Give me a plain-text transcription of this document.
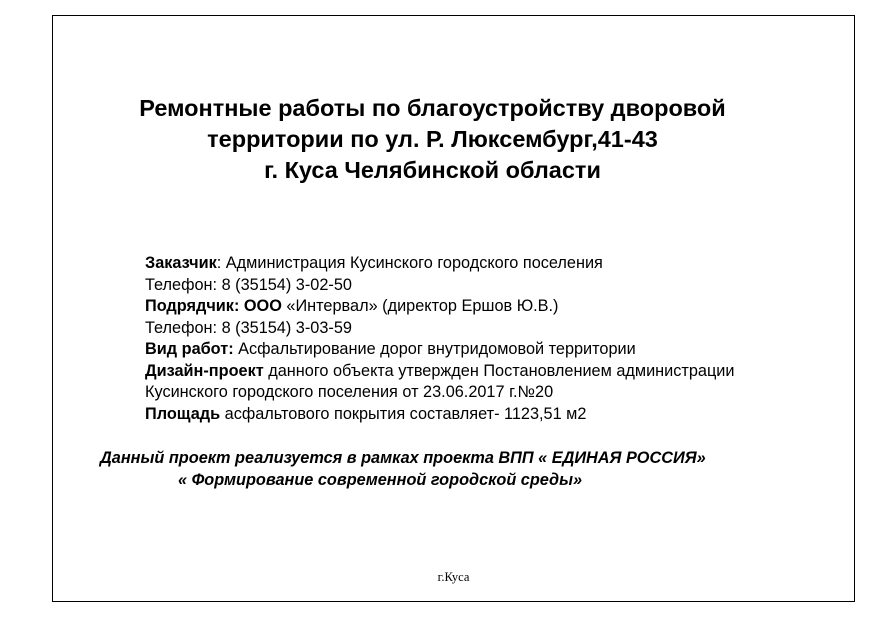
Ремонтные работы по благоустройству дворовой
территории по ул. Р. Люксембург,41-43
г. Куса Челябинской области
Заказчик: Администрация Кусинского городского поселения
Телефон: 8 (35154) 3-02-50
Подрядчик: ООО «Интервал» (директор Ершов Ю.В.)
Телефон: 8 (35154) 3-03-59
Вид работ: Асфальтирование дорог внутридомовой территории
Дизайн-проект данного объекта утвержден Постановлением администрации
Кусинского городского поселения от 23.06.2017 г.№20
Площадь асфальтового покрытия составляет- 1123,51 м2
Данный проект реализуется в рамках проекта ВПП « ЕДИНАЯ РОССИЯ»
« Формирование современной городской среды»
г.Куса
